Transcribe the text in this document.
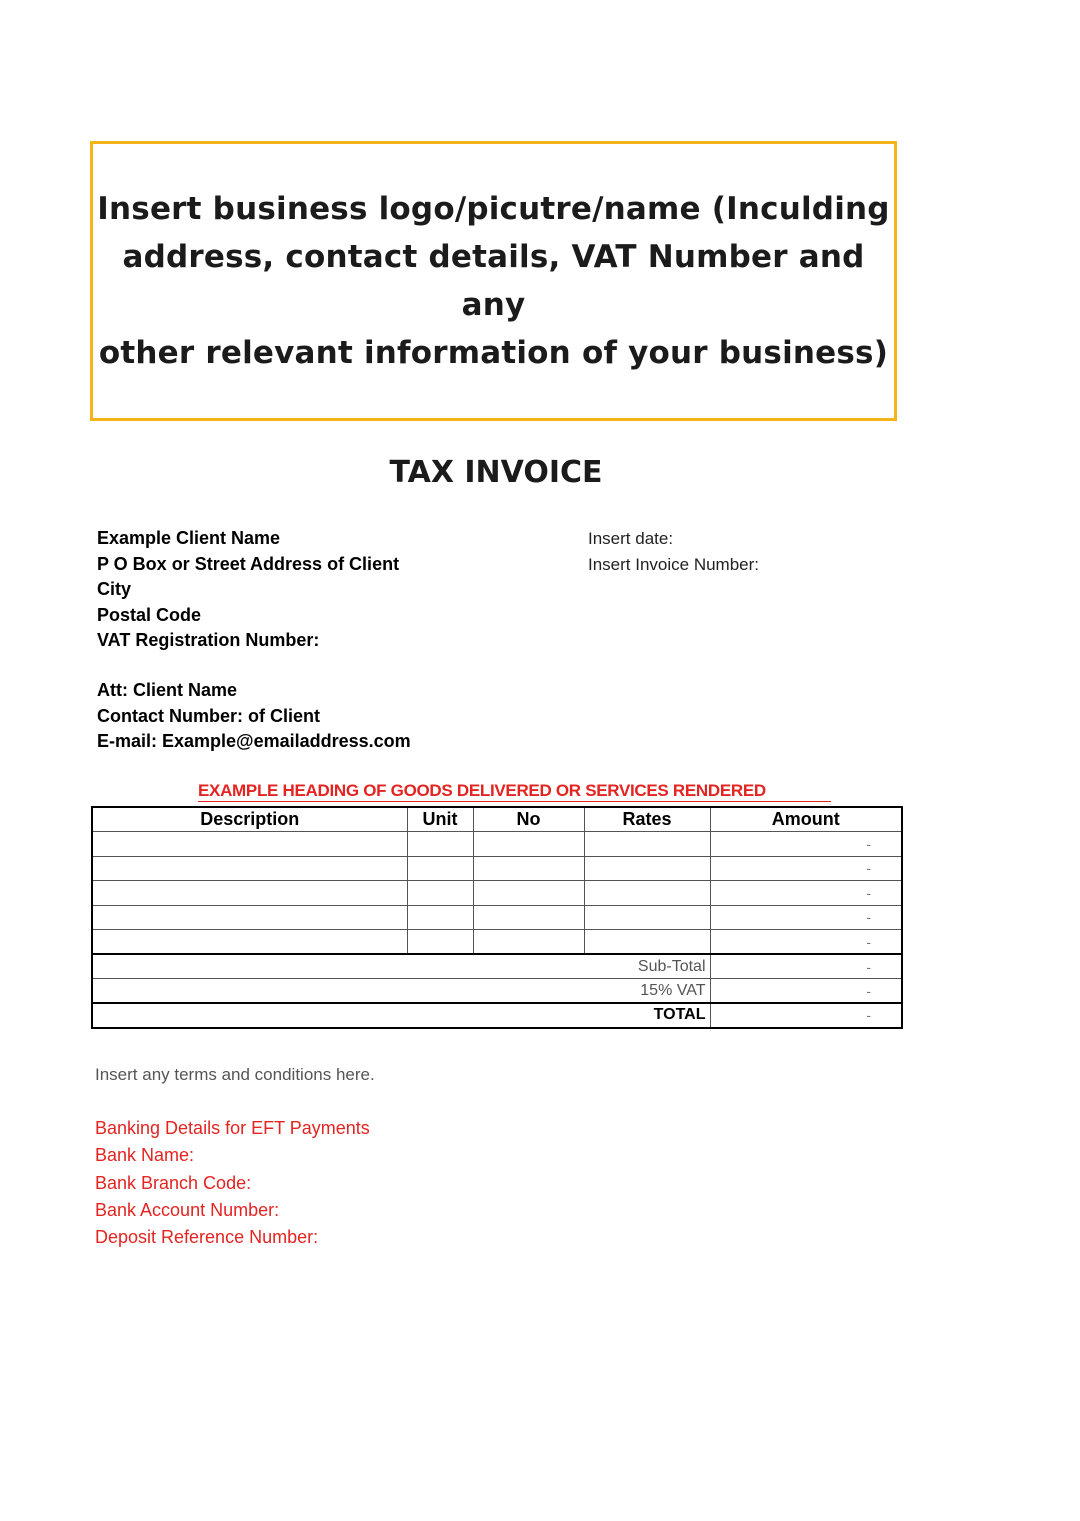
Insert business logo/picutre/name (Inculding
address, contact details, VAT Number and any
other relevant information of your business)

TAX INVOICE
Example Client Name
P O Box or Street Address of Client
City
Postal Code
VAT Registration Number:
Insert date:
Insert Invoice Number:
Att: Client Name
Contact Number: of Client
E-mail: Example@emailaddress.com
EXAMPLE HEADING OF GOODS DELIVERED OR SERVICES RENDERED
Description	Unit	No	Rates	Amount
				-
				-
				-
				-
				-
Sub-Total				-
15% VAT				-
TOTAL				-
Insert any terms and conditions here.
Banking Details for EFT Payments
Bank Name:
Bank Branch Code:
Bank Account Number:
Deposit Reference Number:
